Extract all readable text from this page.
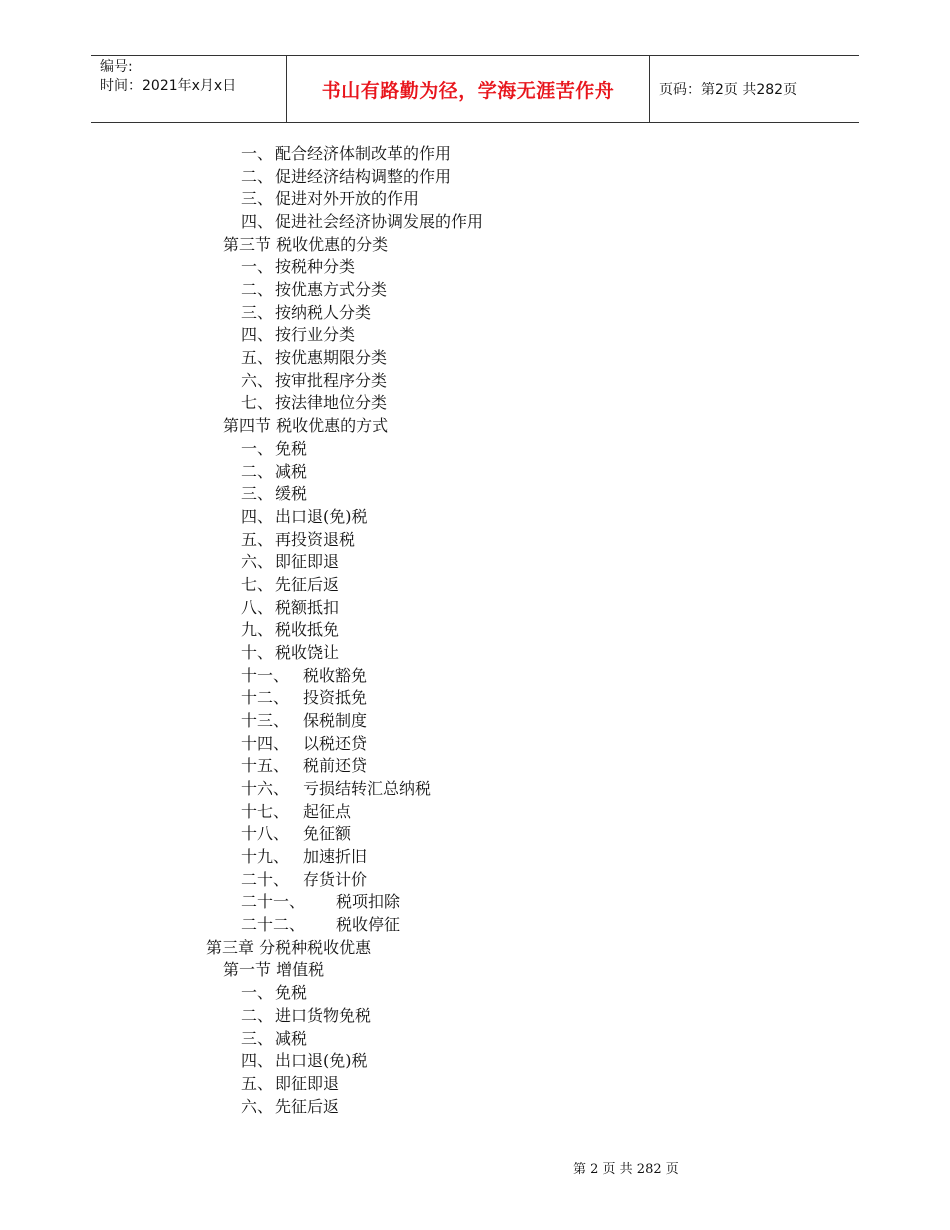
编号:
时间：2021年x月x日	书山有路勤为径，学海无涯苦作舟	页码：第2页 共282页
一、 配合经济体制改革的作用
二、 促进经济结构调整的作用
三、 促进对外开放的作用
四、 促进社会经济协调发展的作用
第三节 税收优惠的分类
一、 按税种分类
二、 按优惠方式分类
三、 按纳税人分类
四、 按行业分类
五、 按优惠期限分类
六、 按审批程序分类
七、 按法律地位分类
第四节 税收优惠的方式
一、 免税
二、 减税
三、 缓税
四、 出口退(免)税
五、 再投资退税
六、 即征即退
七、 先征后返
八、 税额抵扣
九、 税收抵免
十、 税收饶让
十一、 税收豁免
十二、 投资抵免
十三、 保税制度
十四、 以税还贷
十五、 税前还贷
十六、 亏损结转汇总纳税
十七、 起征点
十八、 免征额
十九、 加速折旧
二十、 存货计价
二十一、 税项扣除
二十二、 税收停征
第三章 分税种税收优惠
第一节 增值税
一、 免税
二、 进口货物免税
三、 减税
四、 出口退(免)税
五、 即征即退
六、 先征后返
第 2 页 共 282 页
